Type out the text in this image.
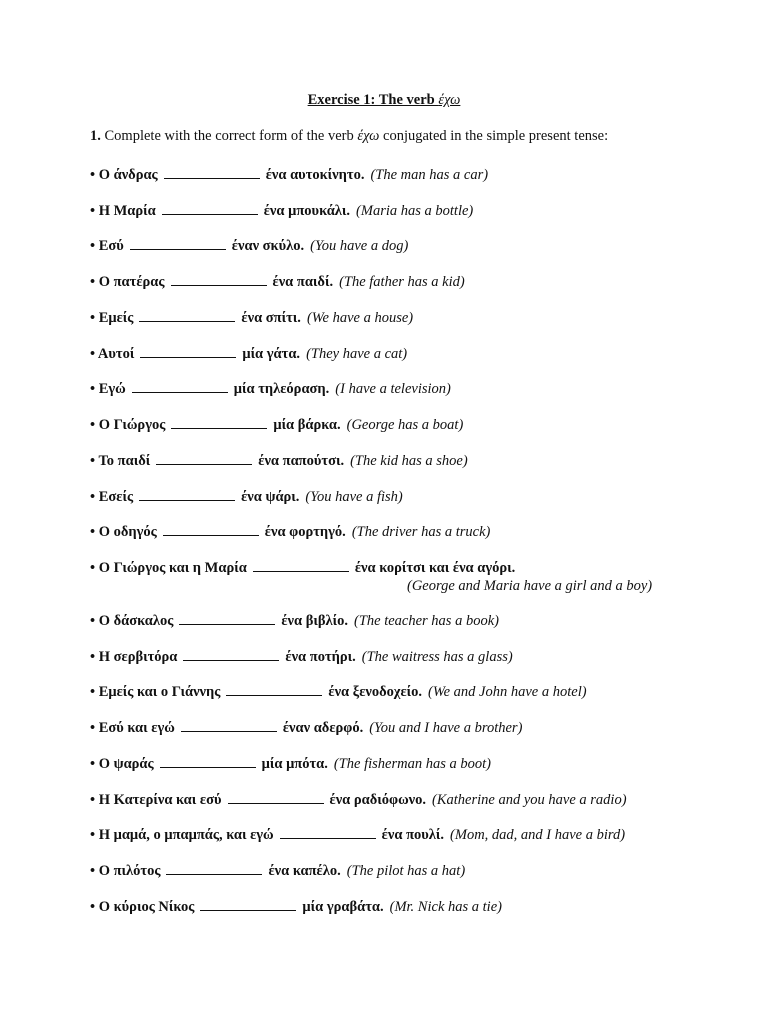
Exercise 1: The verb έχω
1. Complete with the correct form of the verb έχω conjugated in the simple present tense:
• Ο άνδρας	ένα αυτοκίνητο. (The man has a car)
• Η Μαρία	ένα μπουκάλι. (Maria has a bottle)
• Εσύ	έναν σκύλο. (You have a dog)
• Ο πατέρας	ένα παιδί. (The father has a kid)
• Εμείς	ένα σπίτι. (We have a house)
• Αυτοί	μία γάτα. (They have a cat)
• Εγώ	μία τηλεόραση. (I have a television)
• Ο Γιώργος	μία βάρκα. (George has a boat)
• Το παιδί	ένα παπούτσι. (The kid has a shoe)
• Εσείς	ένα ψάρι. (You have a fish)
• Ο οδηγός	ένα φορτηγό. (The driver has a truck)
• Ο Γιώργος και η Μαρία	ένα κορίτσι και ένα αγόρι.
(George and Maria have a girl and a boy)
• Ο δάσκαλος	ένα βιβλίο. (The teacher has a book)
• Η σερβιτόρα	ένα ποτήρι. (The waitress has a glass)
• Εμείς και ο Γιάννης	ένα ξενοδοχείο. (We and John have a hotel)
• Εσύ και εγώ	έναν αδερφό. (You and I have a brother)
• Ο ψαράς	μία μπότα. (The fisherman has a boot)
• Η Κατερίνα και εσύ	ένα ραδιόφωνο. (Katherine and you have a radio)
• Η μαμά, ο μπαμπάς, και εγώ	ένα πουλί. (Mom, dad, and I have a bird)
• Ο πιλότος	ένα καπέλο. (The pilot has a hat)
• Ο κύριος Νίκος	μία γραβάτα. (Mr. Nick has a tie)
